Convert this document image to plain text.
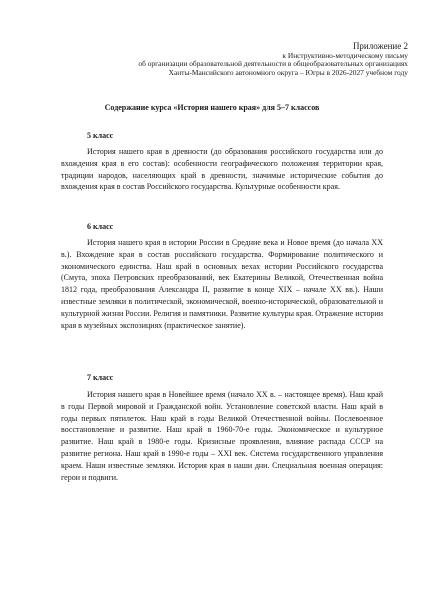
Приложение 2
к Инструктивно-методическому письму
об организации образовательной деятельности в общеобразовательных организациях
Ханты-Мансийского автономного округа – Югры в 2026-2027 учебном году
Содержание курса «История нашего края» для 5–7 классов
5 класс
История нашего края в древности (до образования российского государства или до вхождения края в его состав): особенности географического положения территории края, традиции народов, населяющих край в древности, значимые исторические события до вхождения края в состав Российского государства. Культурные особенности края.
6 класс
История нашего края в истории России в Средние века и Новое время (до начала XX в.). Вхождение края в состав российского государства. Формирование политического и экономического единства. Наш край в основных вехах истории Российского государства (Смута, эпоха Петровских преобразований, век Екатерины Великой, Отечественная война 1812 года, преобразования Александра II, развитие в конце XIX – начале XX вв.). Наши известные земляки в политической, экономической, военно-исторической, образовательной и культурной жизни России. Религия и памятники. Развитие культуры края. Отражение истории края в музейных экспозициях (практическое занятие).
7 класс
История нашего края в Новейшее время (начало XX в. – настоящее время). Наш край в годы Первой мировой и Гражданской войн. Установление советской власти. Наш край в годы первых пятилеток. Наш край в годы Великой Отечественной войны. Послевоенное восстановление и развитие. Наш край в 1960-70-е годы. Экономическое и культурное развитие. Наш край в 1980-е годы. Кризисные проявления, влияние распада СССР на развитие региона. Наш край в 1990-е годы – XXI век. Система государственного управления краем. Наши известные земляки. История края в наши дни. Специальная военная операция: герои и подвиги.
